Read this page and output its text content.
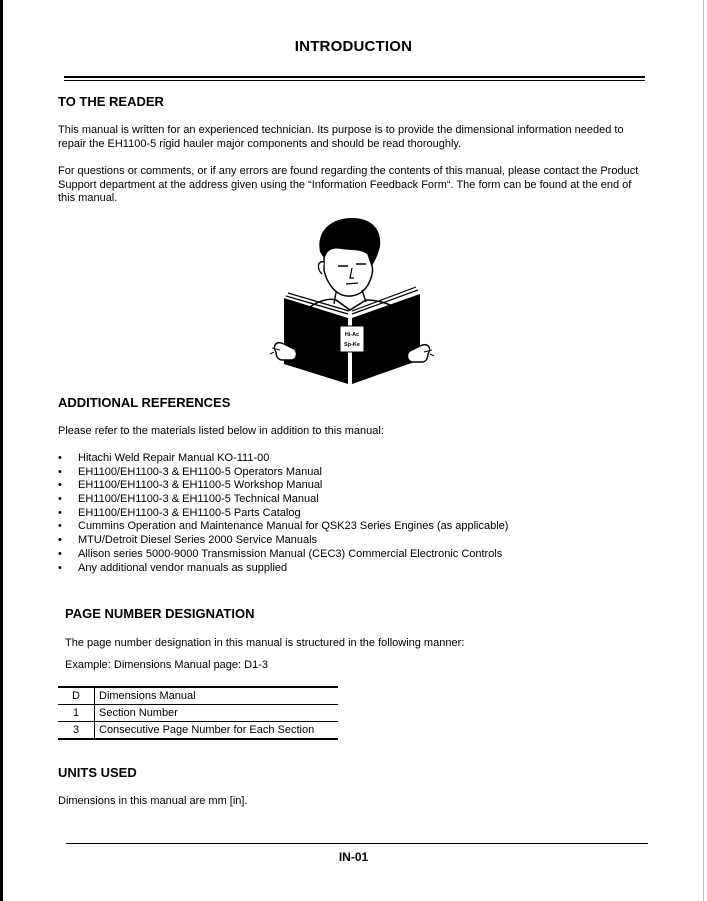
INTRODUCTION
TO THE READER
This manual is written for an experienced technician. Its purpose is to provide the dimensional information needed to
repair the EH1100-5 rigid hauler major components and should be read thoroughly.
For questions or comments, or if any errors are found regarding the contents of this manual, please contact the Product
Support department at the address given using the “Information Feedback Form“. The form can be found at the end of
this manual.
Hi-Ac
Sp-Ke
ADDITIONAL REFERENCES
Please refer to the materials listed below in addition to this manual:
• Hitachi Weld Repair Manual KO-111-00
• EH1100/EH1100-3 & EH1100-5 Operators Manual
• EH1100/EH1100-3 & EH1100-5 Workshop Manual
• EH1100/EH1100-3 & EH1100-5 Technical Manual
• EH1100/EH1100-3 & EH1100-5 Parts Catalog
• Cummins Operation and Maintenance Manual for QSK23 Series Engines (as applicable)
• MTU/Detroit Diesel Series 2000 Service Manuals
• Allison series 5000-9000 Transmission Manual (CEC3) Commercial Electronic Controls
• Any additional vendor manuals as supplied
PAGE NUMBER DESIGNATION
The page number designation in this manual is structured in the following manner:
Example: Dimensions Manual page: D1-3
D	Dimensions Manual
1	Section Number
3	Consecutive Page Number for Each Section
UNITS USED
Dimensions in this manual are mm [in].
IN-01
